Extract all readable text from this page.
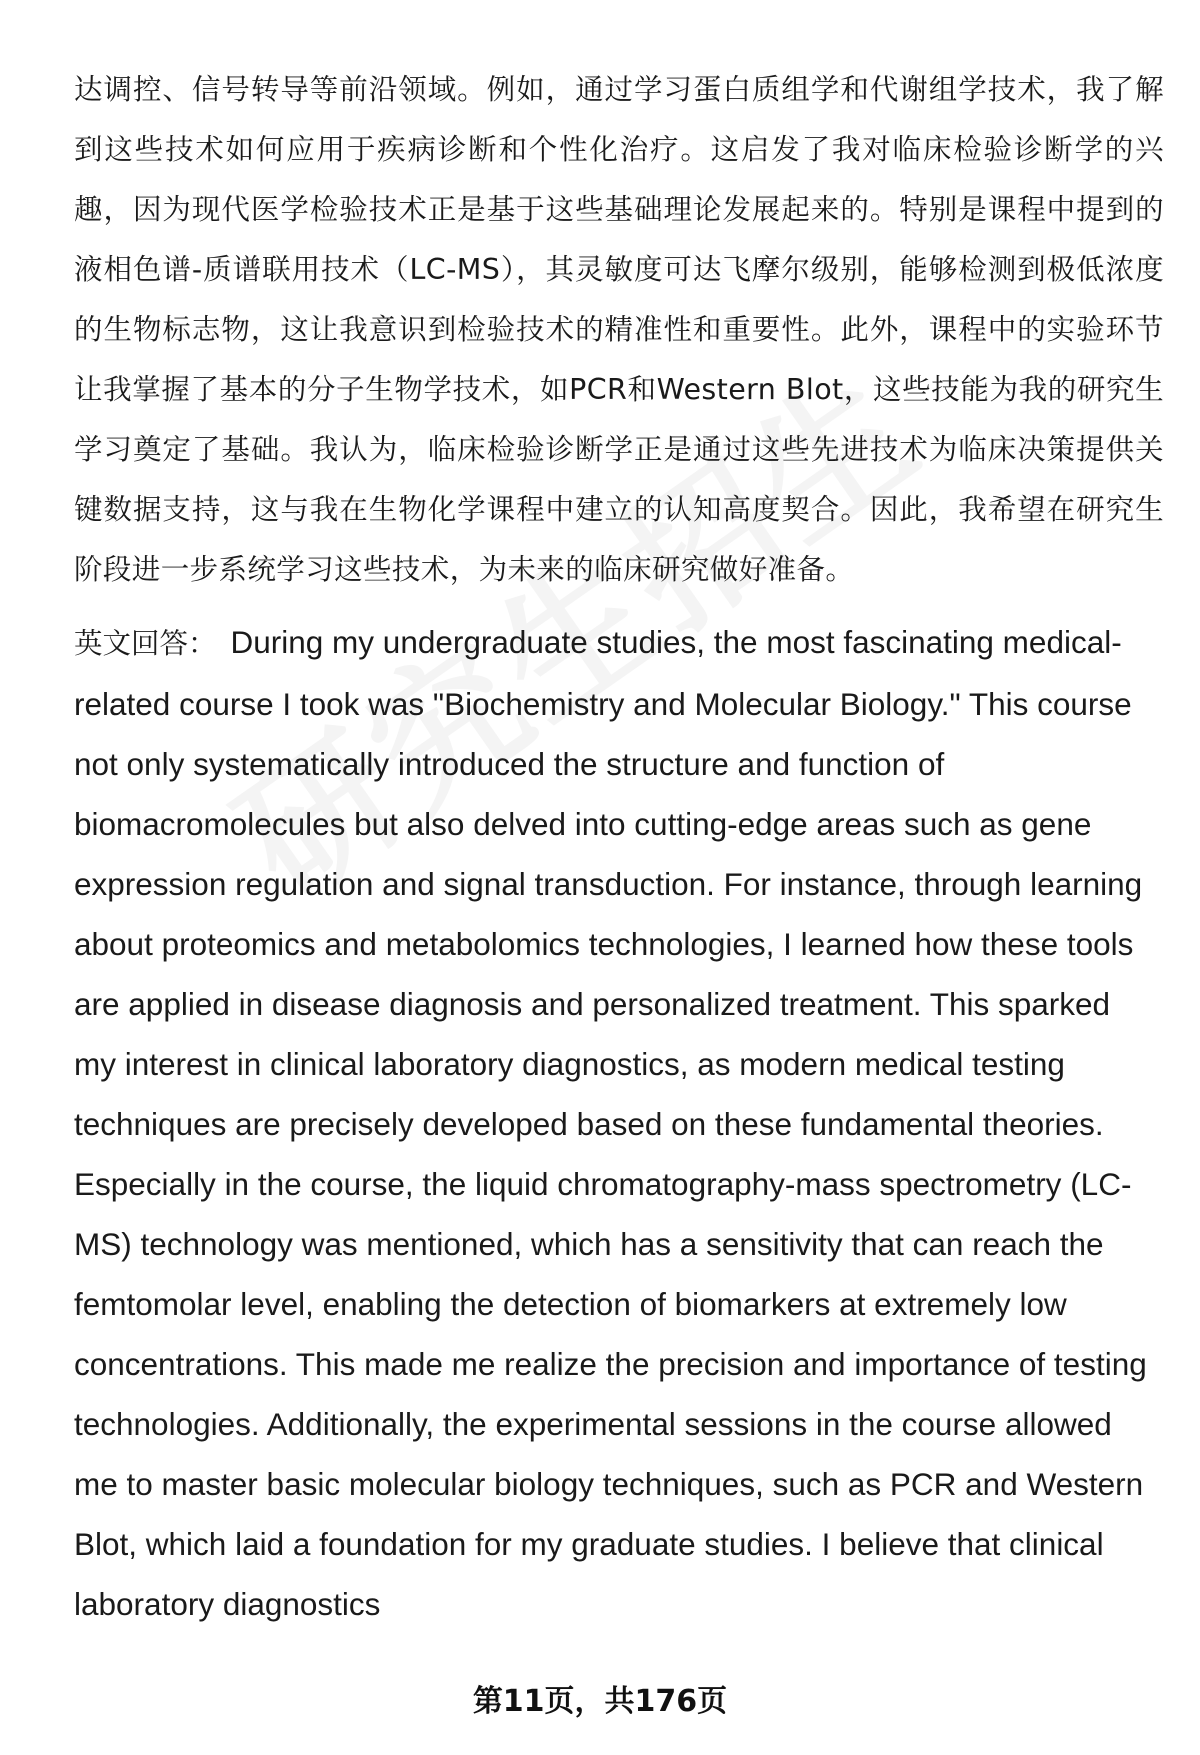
达调控、信号转导等前沿领域。例如，通过学习蛋白质组学和代谢组学技术，我了解到这些技术如何应用于疾病诊断和个性化治疗。这启发了我对临床检验诊断学的兴趣，因为现代医学检验技术正是基于这些基础理论发展起来的。特别是课程中提到的液相色谱-质谱联用技术（LC-MS），其灵敏度可达飞摩尔级别，能够检测到极低浓度的生物标志物，这让我意识到检验技术的精准性和重要性。此外，课程中的实验环节让我掌握了基本的分子生物学技术，如PCR和Western Blot，这些技能为我的研究生学习奠定了基础。我认为，临床检验诊断学正是通过这些先进技术为临床决策提供关键数据支持，这与我在生物化学课程中建立的认知高度契合。因此，我希望在研究生阶段进一步系统学习这些技术，为未来的临床研究做好准备。

英文回答： During my undergraduate studies, the most fascinating medical-related course I took was "Biochemistry and Molecular Biology." This course not only systematically introduced the structure and function of biomacromolecules but also delved into cutting-edge areas such as gene expression regulation and signal transduction. For instance, through learning about proteomics and metabolomics technologies, I learned how these tools are applied in disease diagnosis and personalized treatment. This sparked my interest in clinical laboratory diagnostics, as modern medical testing techniques are precisely developed based on these fundamental theories. Especially in the course, the liquid chromatography-mass spectrometry (LC-MS) technology was mentioned, which has a sensitivity that can reach the femtomolar level, enabling the detection of biomarkers at extremely low concentrations. This made me realize the precision and importance of testing technologies. Additionally, the experimental sessions in the course allowed me to master basic molecular biology techniques, such as PCR and Western Blot, which laid a foundation for my graduate studies. I believe that clinical laboratory diagnostics

第11页，共176页
